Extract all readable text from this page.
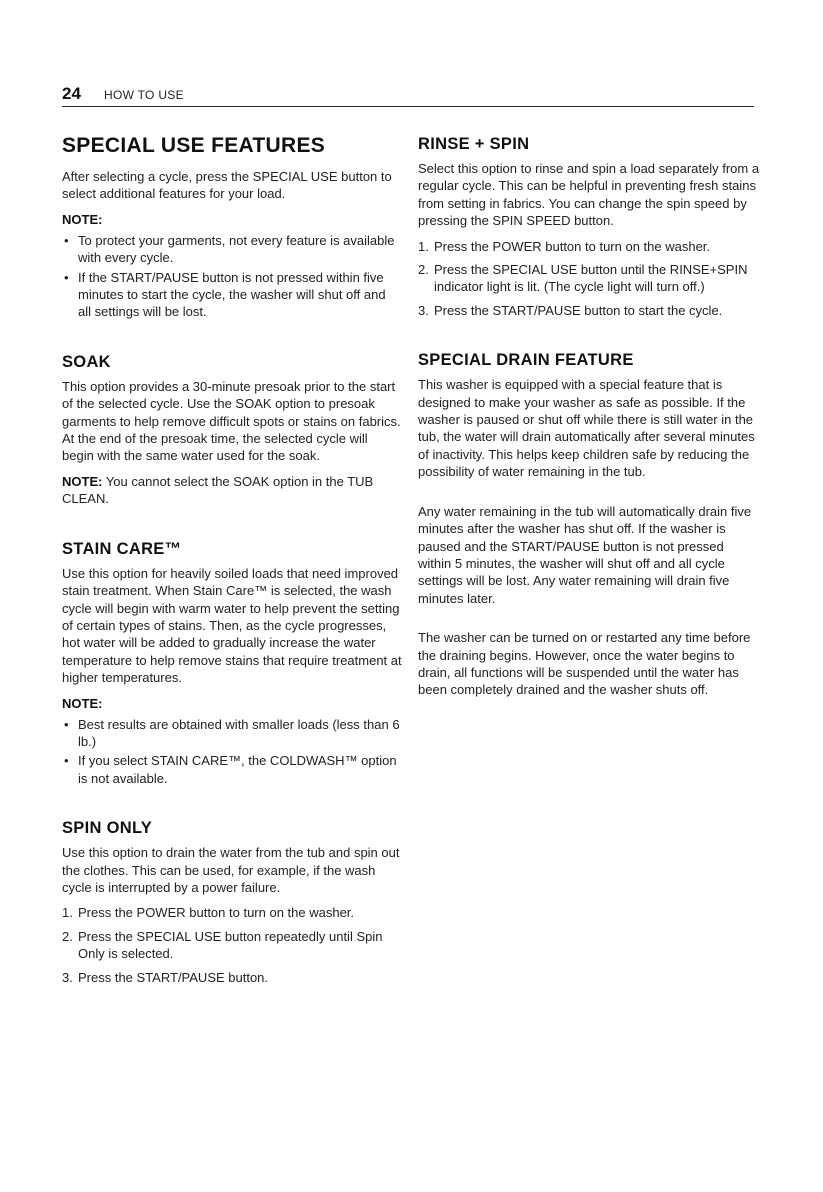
24 HOW TO USE
SPECIAL USE FEATURES

After selecting a cycle, press the SPECIAL USE button to select additional features for your load.

NOTE:
• To protect your garments, not every feature is available with every cycle.
• If the START/PAUSE button is not pressed within five minutes to start the cycle, the washer will shut off and all settings will be lost.
SOAK

This option provides a 30-minute presoak prior to the start of the selected cycle. Use the SOAK option to presoak garments to help remove difficult spots or stains on fabrics. At the end of the presoak time, the selected cycle will begin with the same water used for the soak.

NOTE: You cannot select the SOAK option in the TUB CLEAN.

STAIN CARE™

Use this option for heavily soiled loads that need improved stain treatment. When Stain Care™ is selected, the wash cycle will begin with warm water to help prevent the setting of certain types of stains. Then, as the cycle progresses, hot water will be added to gradually increase the water temperature to help remove stains that require treatment at higher temperatures.

NOTE:
• Best results are obtained with smaller loads (less than 6 lb.)
• If you select STAIN CARE™, the COLDWASH™ option is not available.
SPIN ONLY

Use this option to drain the water from the tub and spin out the clothes. This can be used, for example, if the wash cycle is interrupted by a power failure.

1. Press the POWER button to turn on the washer.
2. Press the SPECIAL USE button repeatedly until Spin Only is selected.
3. Press the START/PAUSE button.
RINSE + SPIN

Select this option to rinse and spin a load separately from a regular cycle. This can be helpful in preventing fresh stains from setting in fabrics. You can change the spin speed by pressing the SPIN SPEED button.

1. Press the POWER button to turn on the washer.
2. Press the SPECIAL USE button until the RINSE+SPIN indicator light is lit. (The cycle light will turn off.)
3. Press the START/PAUSE button to start the cycle.
SPECIAL DRAIN FEATURE

This washer is equipped with a special feature that is designed to make your washer as safe as possible. If the washer is paused or shut off while there is still water in the tub, the water will drain automatically after several minutes of inactivity. This helps keep children safe by reducing the possibility of water remaining in the tub.

Any water remaining in the tub will automatically drain five minutes after the washer has shut off. If the washer is paused and the START/PAUSE button is not pressed within 5 minutes, the washer will shut off and all cycle settings will be lost. Any water remaining will drain five minutes later.

The washer can be turned on or restarted any time before the draining begins. However, once the water begins to drain, all functions will be suspended until the water has been completely drained and the washer shuts off.
